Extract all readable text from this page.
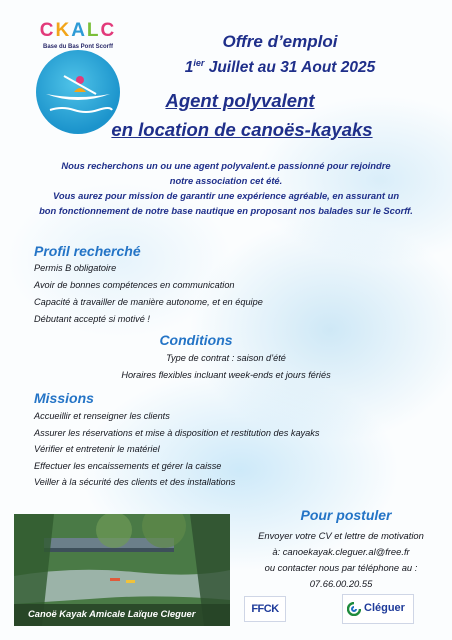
CKALC
Base du Bas Pont Scorff	Offre d’emploi
$1^{ier}$ Juillet au 31 Aout 2025
Agent polyvalent
en location de canoës-kayaks
Nous recherchons un ou une agent polyvalent.e passionné pour rejoindre
notre association cet été.
Vous aurez pour mission de garantir une expérience agréable, en assurant un
bon fonctionnement de notre base nautique en proposant nos balades sur le Scorff.
Profil recherché
Permis B obligatoire
Avoir de bonnes compétences en communication
Capacité à travailler de manière autonome, et en équipe
Débutant accepté si motivé !
Conditions
Type de contrat : saison d’été
Horaires flexibles incluant week-ends et jours fériés
Missions
Accueillir et renseigner les clients
Assurer les réservations et mise à disposition et restitution des kayaks
Vérifier et entretenir le matériel
Effectuer les encaissements et gérer la caisse
Veiller à la sécurité des clients et des installations
Canoë Kayak Amicale Laïque Cleguer
Pour postuler
Envoyer votre CV et lettre de motivation
à: canoekayak.cleguer.al@free.fr
ou contacter nous par téléphone au :
07.66.00.20.55
FFCK	Cléguer
